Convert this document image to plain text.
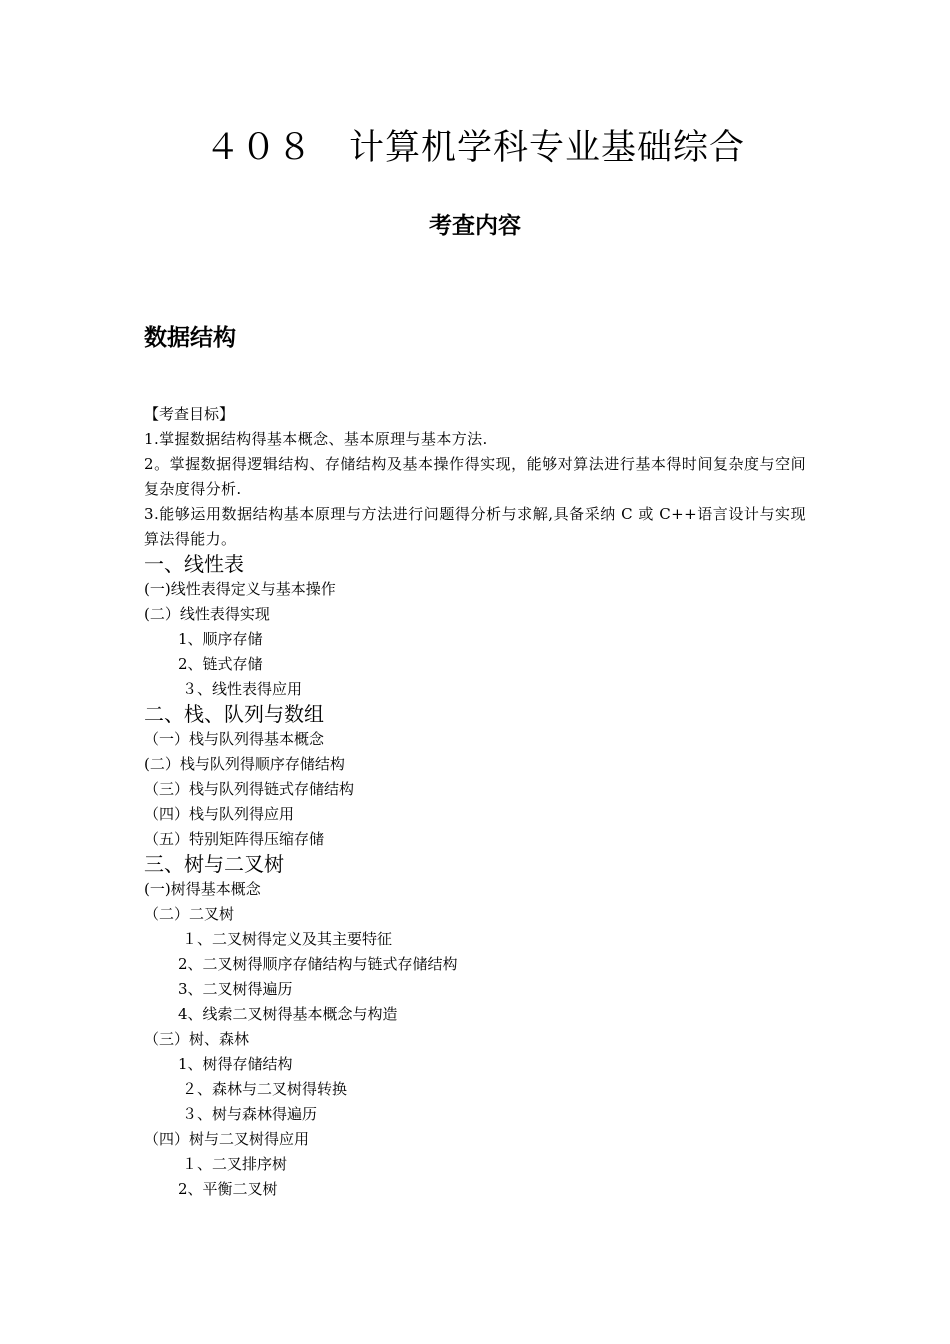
４０８　计算机学科专业基础综合
考查内容
数据结构
【考查目标】
1.掌握数据结构得基本概念、基本原理与基本方法.
2。掌握数据得逻辑结构、存储结构及基本操作得实现，能够对算法进行基本得时间复杂度与空间复杂度得分析.
3.能够运用数据结构基本原理与方法进行问题得分析与求解,具备采纳 C 或 C++语言设计与实现算法得能力。
一、线性表
(一)线性表得定义与基本操作
(二）线性表得实现
1、顺序存储
2、链式存储
３、线性表得应用
二、栈、队列与数组
（一）栈与队列得基本概念
(二）栈与队列得顺序存储结构
（三）栈与队列得链式存储结构
（四）栈与队列得应用
（五）特别矩阵得压缩存储
三、树与二叉树
(一)树得基本概念
（二）二叉树
１、二叉树得定义及其主要特征
2、二叉树得顺序存储结构与链式存储结构
3、二叉树得遍历
4、线索二叉树得基本概念与构造
（三）树、森林
1、树得存储结构
２、森林与二叉树得转换
３、树与森林得遍历
（四）树与二叉树得应用
１、二叉排序树
2、平衡二叉树
